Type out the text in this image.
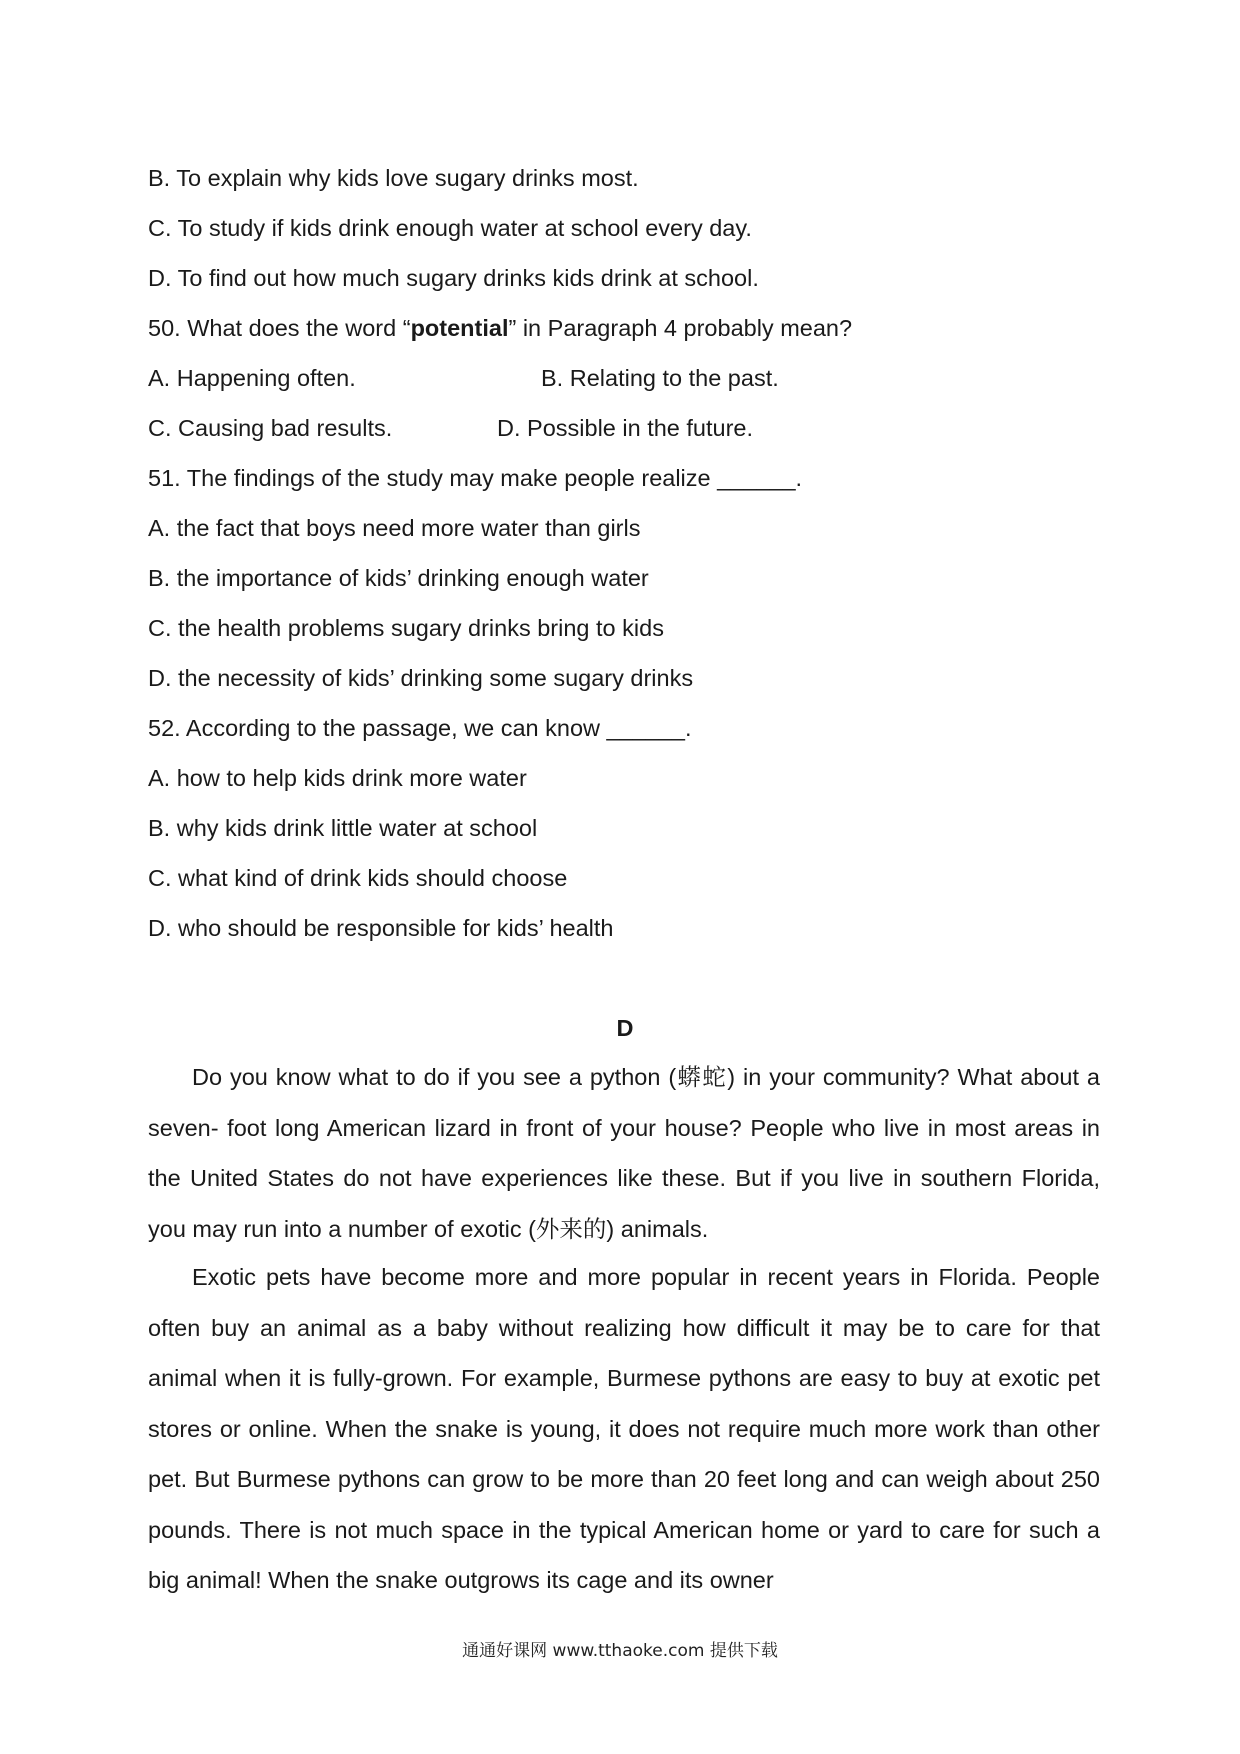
B. To explain why kids love sugary drinks most.
C. To study if kids drink enough water at school every day.
D. To find out how much sugary drinks kids drink at school.
50. What does the word “potential” in Paragraph 4 probably mean?
A. Happening often.	B. Relating to the past.
C. Causing bad results.	D. Possible in the future.
51. The findings of the study may make people realize ______.
A. the fact that boys need more water than girls
B. the importance of kids’ drinking enough water
C. the health problems sugary drinks bring to kids
D. the necessity of kids’ drinking some sugary drinks
52. According to the passage, we can know ______.
A. how to help kids drink more water
B. why kids drink little water at school
C. what kind of drink kids should choose
D. who should be responsible for kids’ health
D
Do you know what to do if you see a python (蟒蛇) in your community? What about a seven- foot long American lizard in front of your house? People who live in most areas in the United States do not have experiences like these. But if you live in southern Florida, you may run into a number of exotic (外来的) animals.
Exotic pets have become more and more popular in recent years in Florida. People often buy an animal as a baby without realizing how difficult it may be to care for that animal when it is fully-grown. For example, Burmese pythons are easy to buy at exotic pet stores or online. When the snake is young, it does not require much more work than other pet. But Burmese pythons can grow to be more than 20 feet long and can weigh about 250 pounds. There is not much space in the typical American home or yard to care for such a big animal! When the snake outgrows its cage and its owner
通通好课网 www.tthaoke.com 提供下载
